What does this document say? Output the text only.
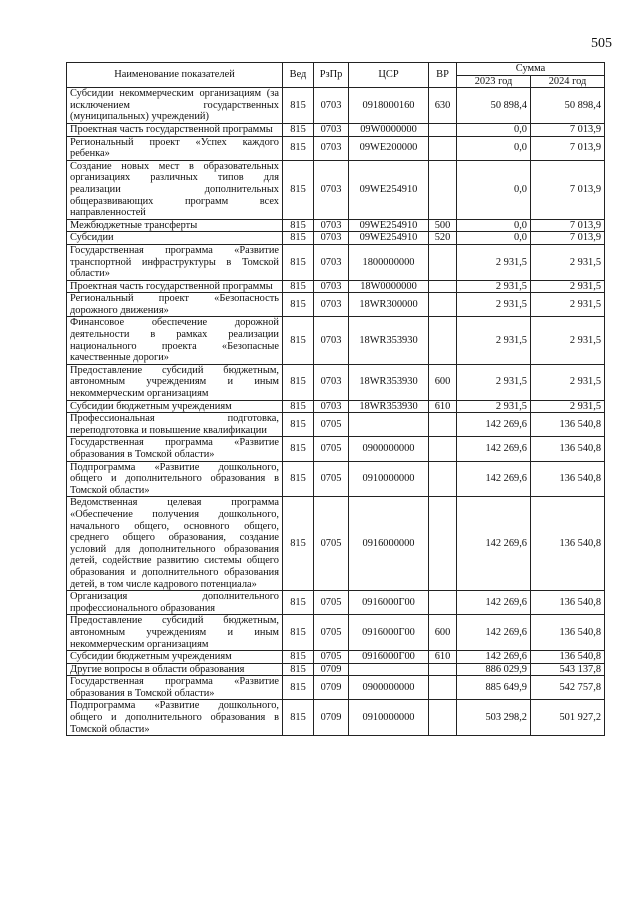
505
Наименование показателей	Вед	РзПр	ЦСР	ВР	Сумма	
					2023 год	2024 год
Субсидии некоммерческим организациям (за исключением государственных (муниципальных) учреждений)	815	0703	0918000160	630	50 898,4	50 898,4
Проектная часть государственной программы	815	0703	09W0000000		0,0	7 013,9
Региональный проект «Успех каждого ребенка»	815	0703	09WE200000		0,0	7 013,9
Создание новых мест в образовательных организациях различных типов для реализации дополнительных общеразвивающих программ всех направленностей	815	0703	09WE254910		0,0	7 013,9
Межбюджетные трансферты	815	0703	09WE254910	500	0,0	7 013,9
Субсидии	815	0703	09WE254910	520	0,0	7 013,9
Государственная программа «Развитие транспортной инфраструктуры в Томской области»	815	0703	1800000000		2 931,5	2 931,5
Проектная часть государственной программы	815	0703	18W0000000		2 931,5	2 931,5
Региональный проект «Безопасность дорожного движения»	815	0703	18WR300000		2 931,5	2 931,5
Финансовое обеспечение дорожной деятельности в рамках реализации национального проекта «Безопасные качественные дороги»	815	0703	18WR353930		2 931,5	2 931,5
Предоставление субсидий бюджетным, автономным учреждениям и иным некоммерческим организациям	815	0703	18WR353930	600	2 931,5	2 931,5
Субсидии бюджетным учреждениям	815	0703	18WR353930	610	2 931,5	2 931,5
Профессиональная подготовка, переподготовка и повышение квалификации	815	0705			142 269,6	136 540,8
Государственная программа «Развитие образования в Томской области»	815	0705	0900000000		142 269,6	136 540,8
Подпрограмма «Развитие дошкольного, общего и дополнительного образования в Томской области»	815	0705	0910000000		142 269,6	136 540,8
Ведомственная целевая программа «Обеспечение получения дошкольного, начального общего, основного общего, среднего общего образования, создание условий для дополнительного образования детей, содействие развитию системы общего образования и дополнительного образования детей, в том числе кадрового потенциала»	815	0705	0916000000		142 269,6	136 540,8
Организация дополнительного профессионального образования	815	0705	0916000Г00		142 269,6	136 540,8
Предоставление субсидий бюджетным, автономным учреждениям и иным некоммерческим организациям	815	0705	0916000Г00	600	142 269,6	136 540,8
Субсидии бюджетным учреждениям	815	0705	0916000Г00	610	142 269,6	136 540,8
Другие вопросы в области образования	815	0709			886 029,9	543 137,8
Государственная программа «Развитие образования в Томской области»	815	0709	0900000000		885 649,9	542 757,8
Подпрограмма «Развитие дошкольного, общего и дополнительного образования в Томской области»	815	0709	0910000000		503 298,2	501 927,2
